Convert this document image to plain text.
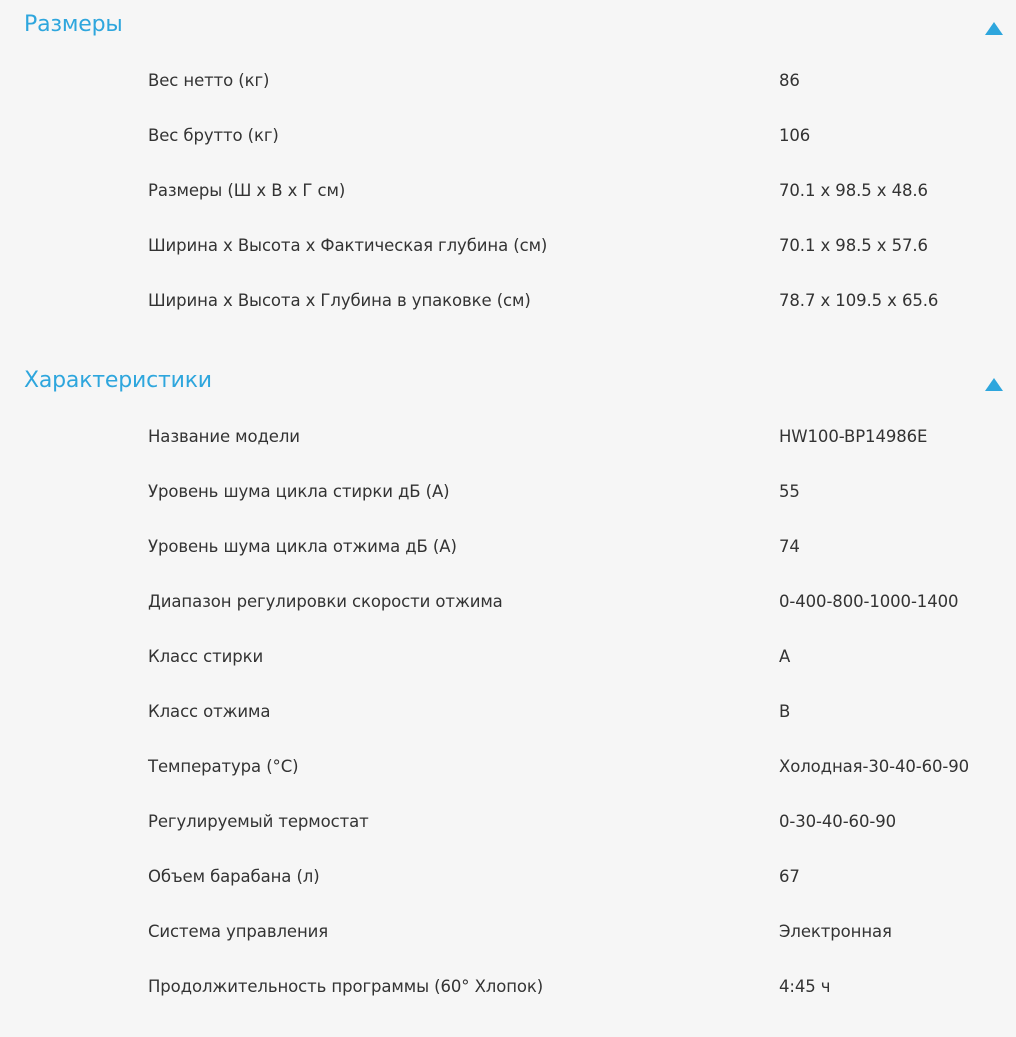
Размеры
Вес нетто (кг)	86
Вес брутто (кг)	106
Размеры (Ш x В x Г см)	70.1 x 98.5 x 48.6
Ширина x Высота x Фактическая глубина (см)	70.1 x 98.5 x 57.6
Ширина x Высота x Глубина в упаковке (см)	78.7 x 109.5 x 65.6
Характеристики
Название модели	HW100-BP14986E
Уровень шума цикла стирки дБ (А)	55
Уровень шума цикла отжима дБ (А)	74
Диапазон регулировки скорости отжима	0-400-800-1000-1400
Класс стирки	A
Класс отжима	B
Температура (°C)	Холодная-30-40-60-90
Регулируемый термостат	0-30-40-60-90
Объем барабана (л)	67
Система управления	Электронная
Продолжительность программы (60° Хлопок)	4:45 ч
